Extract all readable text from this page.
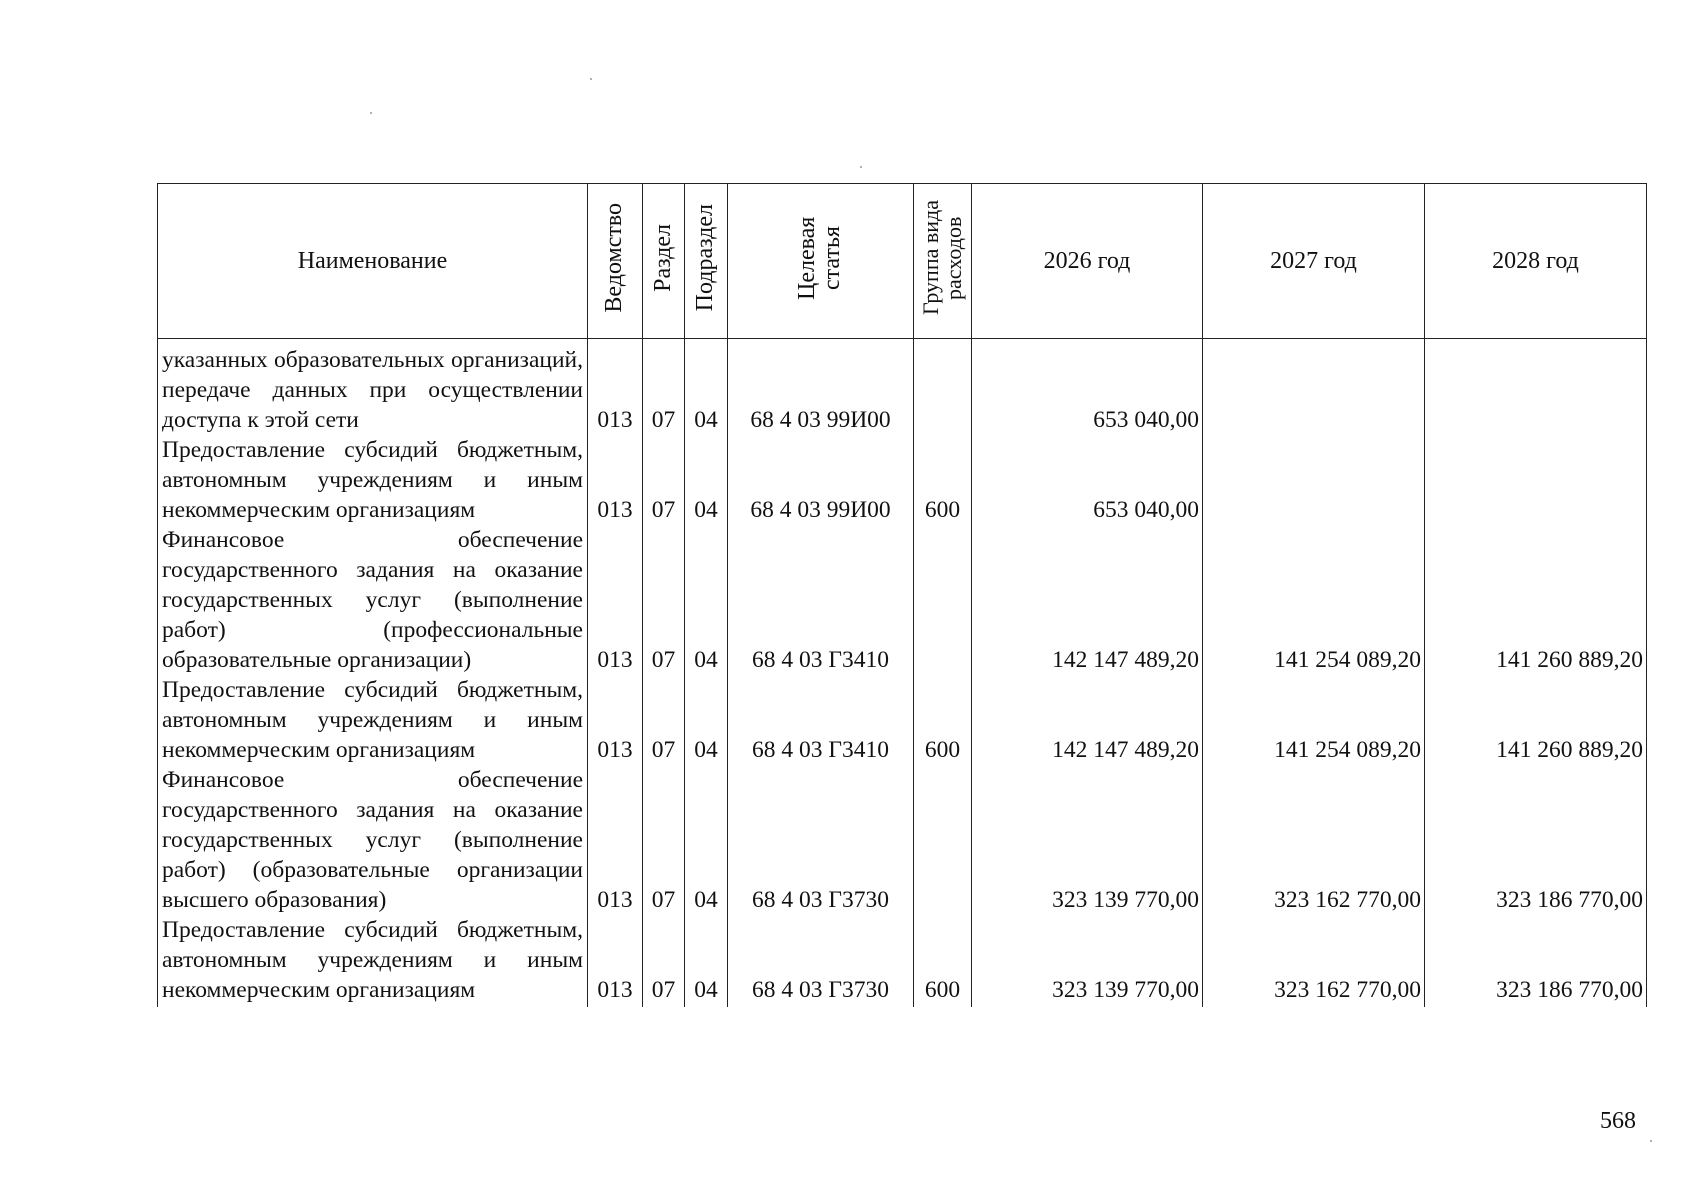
Наименование	Ведомство	Раздел	Подраздел	Целевая статья	Группа вида расходов	2026 год	2027 год	2028 год
указанных образовательных организаций, передаче данных при осуществлении доступа к этой сети	013	07	04	68 4 03 99И00		653 040,00		
Предоставление субсидий бюджетным, автономным учреждениям и иным некоммерческим организациям	013	07	04	68 4 03 99И00	600	653 040,00		
Финансовое обеспечение государственного задания на оказание государственных услуг (выполнение работ) (профессиональные образовательные организации)	013	07	04	68 4 03 Г3410		142 147 489,20	141 254 089,20	141 260 889,20
Предоставление субсидий бюджетным, автономным учреждениям и иным некоммерческим организациям	013	07	04	68 4 03 Г3410	600	142 147 489,20	141 254 089,20	141 260 889,20
Финансовое обеспечение государственного задания на оказание государственных услуг (выполнение работ) (образовательные организации высшего образования)	013	07	04	68 4 03 Г3730		323 139 770,00	323 162 770,00	323 186 770,00
Предоставление субсидий бюджетным, автономным учреждениям и иным некоммерческим организациям	013	07	04	68 4 03 Г3730	600	323 139 770,00	323 162 770,00	323 186 770,00
568
